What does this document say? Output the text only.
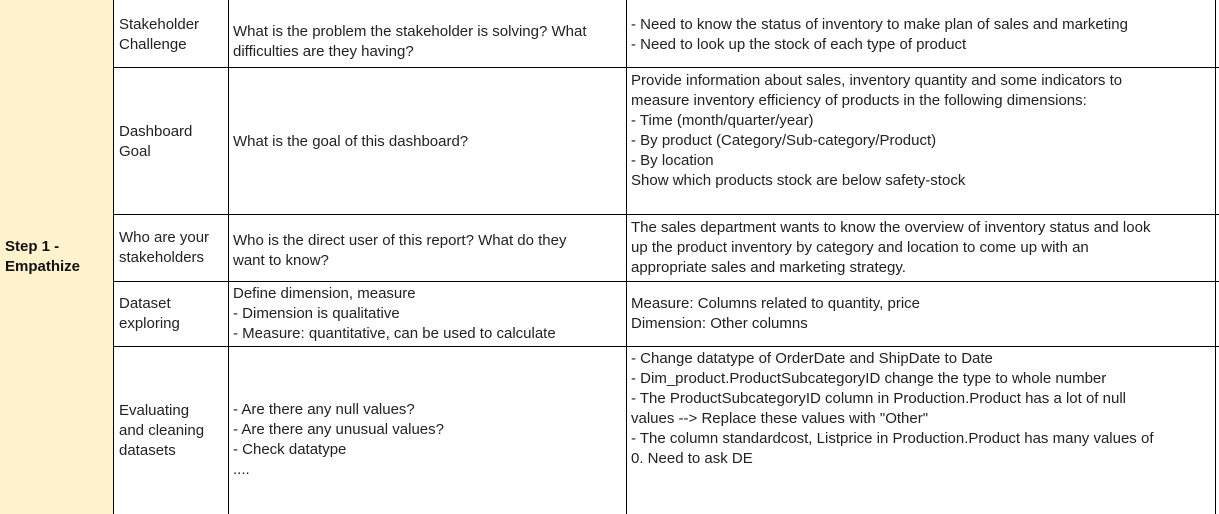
Step 1 -
Empathize
Stakeholder
Challenge
What is the problem the stakeholder is solving? What
difficulties are they having?
- Need to know the status of inventory to make plan of sales and marketing
- Need to look up the stock of each type of product
Dashboard
Goal
What is the goal of this dashboard?
Provide information about sales, inventory quantity and some indicators to
measure inventory efficiency of products in the following dimensions:
- Time (month/quarter/year)
- By product (Category/Sub-category/Product)
- By location
Show which products stock are below safety-stock
Who are your
stakeholders
Who is the direct user of this report? What do they
want to know?
The sales department wants to know the overview of inventory status and look
up the product inventory by category and location to come up with an
appropriate sales and marketing strategy.
Dataset
exploring
Define dimension, measure
- Dimension is qualitative
- Measure: quantitative, can be used to calculate
Measure: Columns related to quantity, price
Dimension: Other columns
Evaluating
and cleaning
datasets
- Are there any null values?
- Are there any unusual values?
- Check datatype
....
- Change datatype of OrderDate and ShipDate to Date
- Dim_product.ProductSubcategoryID change the type to whole number
- The ProductSubcategoryID column in Production.Product has a lot of null
values --> Replace these values with "Other"
- The column standardcost, Listprice in Production.Product has many values of
0. Need to ask DE
